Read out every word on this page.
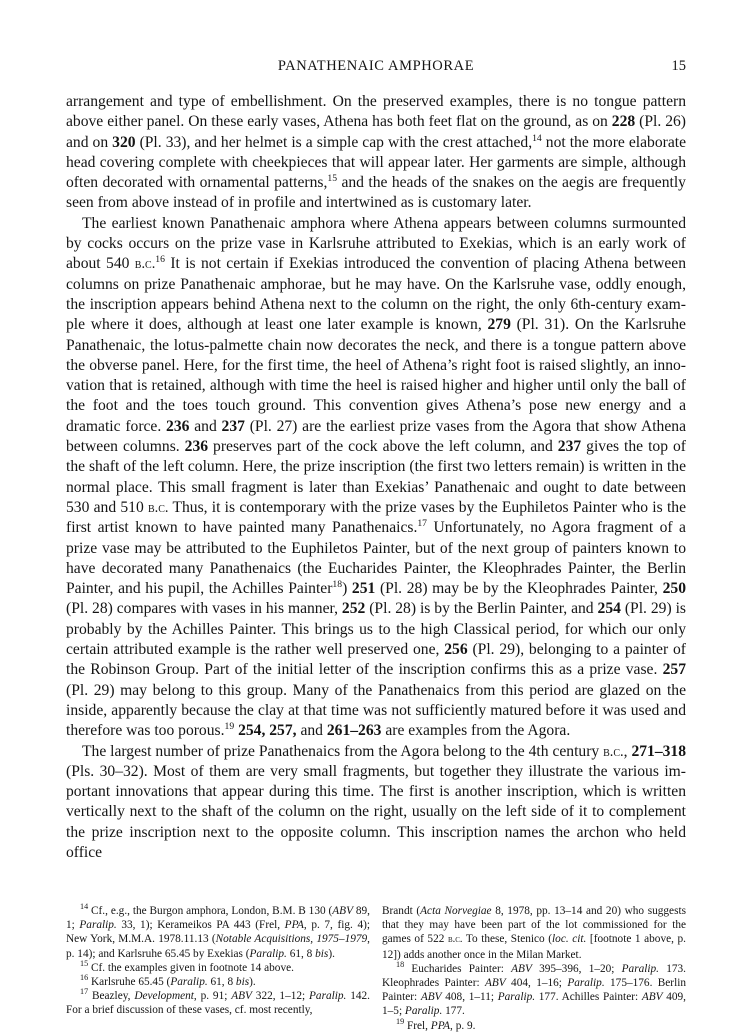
PANATHENAIC AMPHORAE	15

arrangement and type of embellishment. On the preserved examples, there is no tongue pattern above either panel. On these early vases, Athena has both feet flat on the ground, as on 228 (Pl. 26) and on 320 (Pl. 33), and her helmet is a simple cap with the crest attached,$^{14}$ not the more elaborate head covering complete with cheekpieces that will appear later. Her garments are simple, although often decorated with ornamental patterns,$^{15}$ and the heads of the snakes on the aegis are frequently seen from above instead of in profile and intertwined as is customary later.

The earliest known Panathenaic amphora where Athena appears between columns surmounted by cocks occurs on the prize vase in Karlsruhe attributed to Exekias, which is an early work of about 540 b.c.$^{16}$ It is not certain if Exekias introduced the convention of placing Athena between columns on prize Panathenaic amphorae, but he may have. On the Karlsruhe vase, oddly enough, the inscription appears behind Athena next to the column on the right, the only 6th-century example where it does, although at least one later example is known, 279 (Pl. 31). On the Karlsruhe Panathenaic, the lotus-palmette chain now decorates the neck, and there is a tongue pattern above the obverse panel. Here, for the first time, the heel of Athena’s right foot is raised slightly, an innovation that is retained, although with time the heel is raised higher and higher until only the ball of the foot and the toes touch ground. This convention gives Athena’s pose new energy and a dramatic force. 236 and 237 (Pl. 27) are the earliest prize vases from the Agora that show Athena between columns. 236 preserves part of the cock above the left column, and 237 gives the top of the shaft of the left column. Here, the prize inscription (the first two letters remain) is written in the normal place. This small fragment is later than Exekias’ Panathenaic and ought to date between 530 and 510 b.c. Thus, it is contemporary with the prize vases by the Euphiletos Painter who is the first artist known to have painted many Panathenaics.$^{17}$ Unfortunately, no Agora fragment of a prize vase may be attributed to the Euphiletos Painter, but of the next group of painters known to have decorated many Panathenaics (the Eucharides Painter, the Kleophrades Painter, the Berlin Painter, and his pupil, the Achilles Painter$^{18}$) 251 (Pl. 28) may be by the Kleophrades Painter, 250 (Pl. 28) compares with vases in his manner, 252 (Pl. 28) is by the Berlin Painter, and 254 (Pl. 29) is probably by the Achilles Painter. This brings us to the high Classical period, for which our only certain attributed example is the rather well preserved one, 256 (Pl. 29), belonging to a painter of the Robinson Group. Part of the initial letter of the inscription confirms this as a prize vase. 257 (Pl. 29) may belong to this group. Many of the Panathenaics from this period are glazed on the inside, apparently because the clay at that time was not sufficiently matured before it was used and therefore was too porous.$^{19}$ 254, 257, and 261–263 are examples from the Agora.

The largest number of prize Panathenaics from the Agora belong to the 4th century b.c., 271–318 (Pls. 30–32). Most of them are very small fragments, but together they illustrate the various important innovations that appear during this time. The first is another inscription, which is written vertically next to the shaft of the column on the right, usually on the left side of it to complement the prize inscription next to the opposite column. This inscription names the archon who held office

$^{14}$ Cf., e.g., the Burgon amphora, London, B.M. B 130 (ABV 89, 1; Paralip. 33, 1); Kerameikos PA 443 (Frel, PPA, p. 7, fig. 4); New York, M.M.A. 1978.11.13 (Notable Acquisitions, 1975–1979, p. 14); and Karlsruhe 65.45 by Exekias (Paralip. 61, 8 bis).

$^{15}$ Cf. the examples given in footnote 14 above.

$^{16}$ Karlsruhe 65.45 (Paralip. 61, 8 bis).

$^{17}$ Beazley, Development, p. 91; ABV 322, 1–12; Paralip. 142. For a brief discussion of these vases, cf. most recently,

Brandt (Acta Norvegiae 8, 1978, pp. 13–14 and 20) who suggests that they may have been part of the lot commissioned for the games of 522 b.c. To these, Stenico (loc. cit. [footnote 1 above, p. 12]) adds another once in the Milan Market.

$^{18}$ Eucharides Painter: ABV 395–396, 1–20; Paralip. 173. Kleophrades Painter: ABV 404, 1–16; Paralip. 175–176. Berlin Painter: ABV 408, 1–11; Paralip. 177. Achilles Painter: ABV 409, 1–5; Paralip. 177.

$^{19}$ Frel, PPA, p. 9.
